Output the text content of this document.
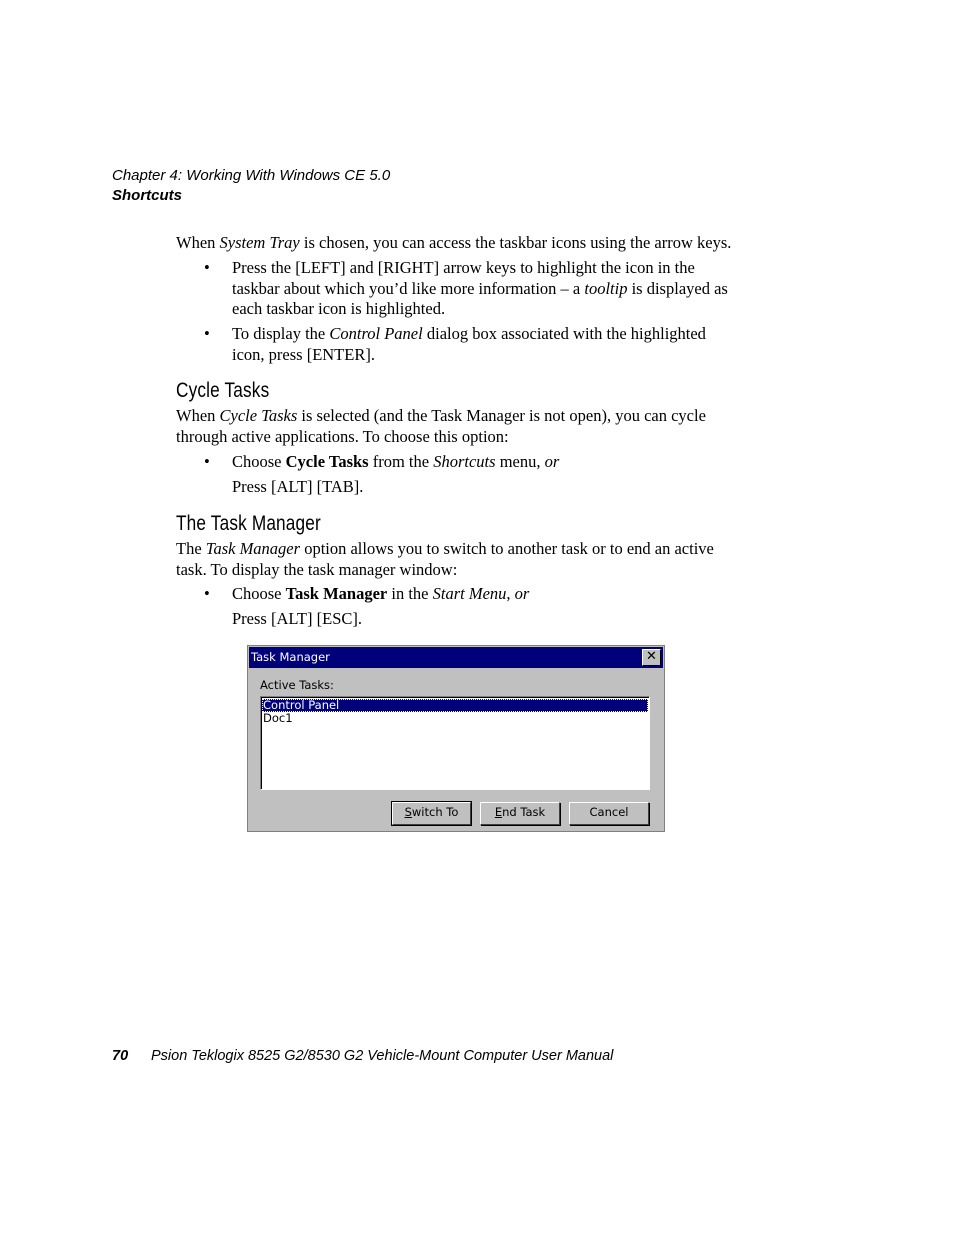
Chapter 4: Working With Windows CE 5.0
Shortcuts
When System Tray is chosen, you can access the taskbar icons using the arrow keys.
• Press the [LEFT] and [RIGHT] arrow keys to highlight the icon in the
taskbar about which you’d like more information – a tooltip is displayed as
each taskbar icon is highlighted.
• To display the Control Panel dialog box associated with the highlighted
icon, press [ENTER].
Cycle Tasks
When Cycle Tasks is selected (and the Task Manager is not open), you can cycle
through active applications. To choose this option:
• Choose Cycle Tasks from the Shortcuts menu, or
Press [ALT] [TAB].
The Task Manager
The Task Manager option allows you to switch to another task or to end an active
task. To display the task manager window:
• Choose Task Manager in the Start Menu, or
Press [ALT] [ESC].
Task Manager	✕
Active Tasks:
Control Panel
Doc1
Switch To	End Task	Cancel
70 Psion Teklogix 8525 G2/8530 G2 Vehicle-Mount Computer User Manual
